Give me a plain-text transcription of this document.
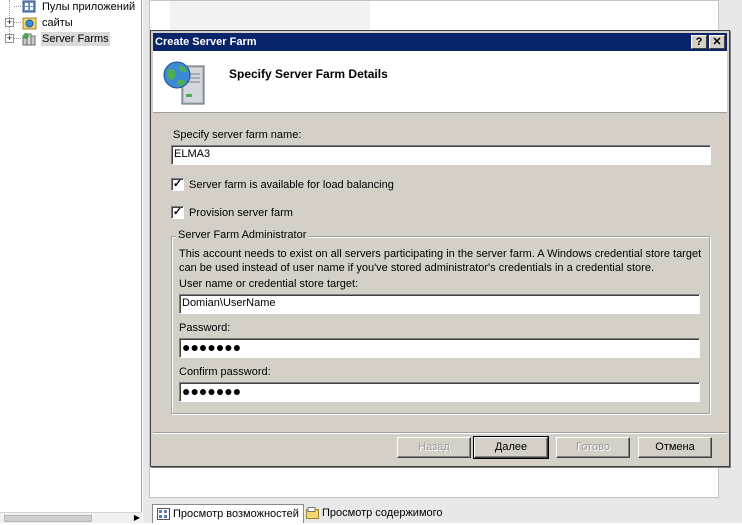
Пулы приложений
+	сайты
+	Server Farms
▶	Просмотр возможностей	Просмотр содержимого
Create Server Farm	? ✕
Specify Server Farm Details
Specify server farm name:
ELMA3
✓ Server farm is available for load balancing
✓ Provision server farm
Server Farm Administrator
This account needs to exist on all servers participating in the server farm. A Windows credential store target can be used instead of user name if you've stored administrator's credentials in a credential store.
User name or credential store target:
Domian\UserName
Password:
●●●●●●●
Confirm password:
●●●●●●●
Назад	Далее	Готово	Отмена
